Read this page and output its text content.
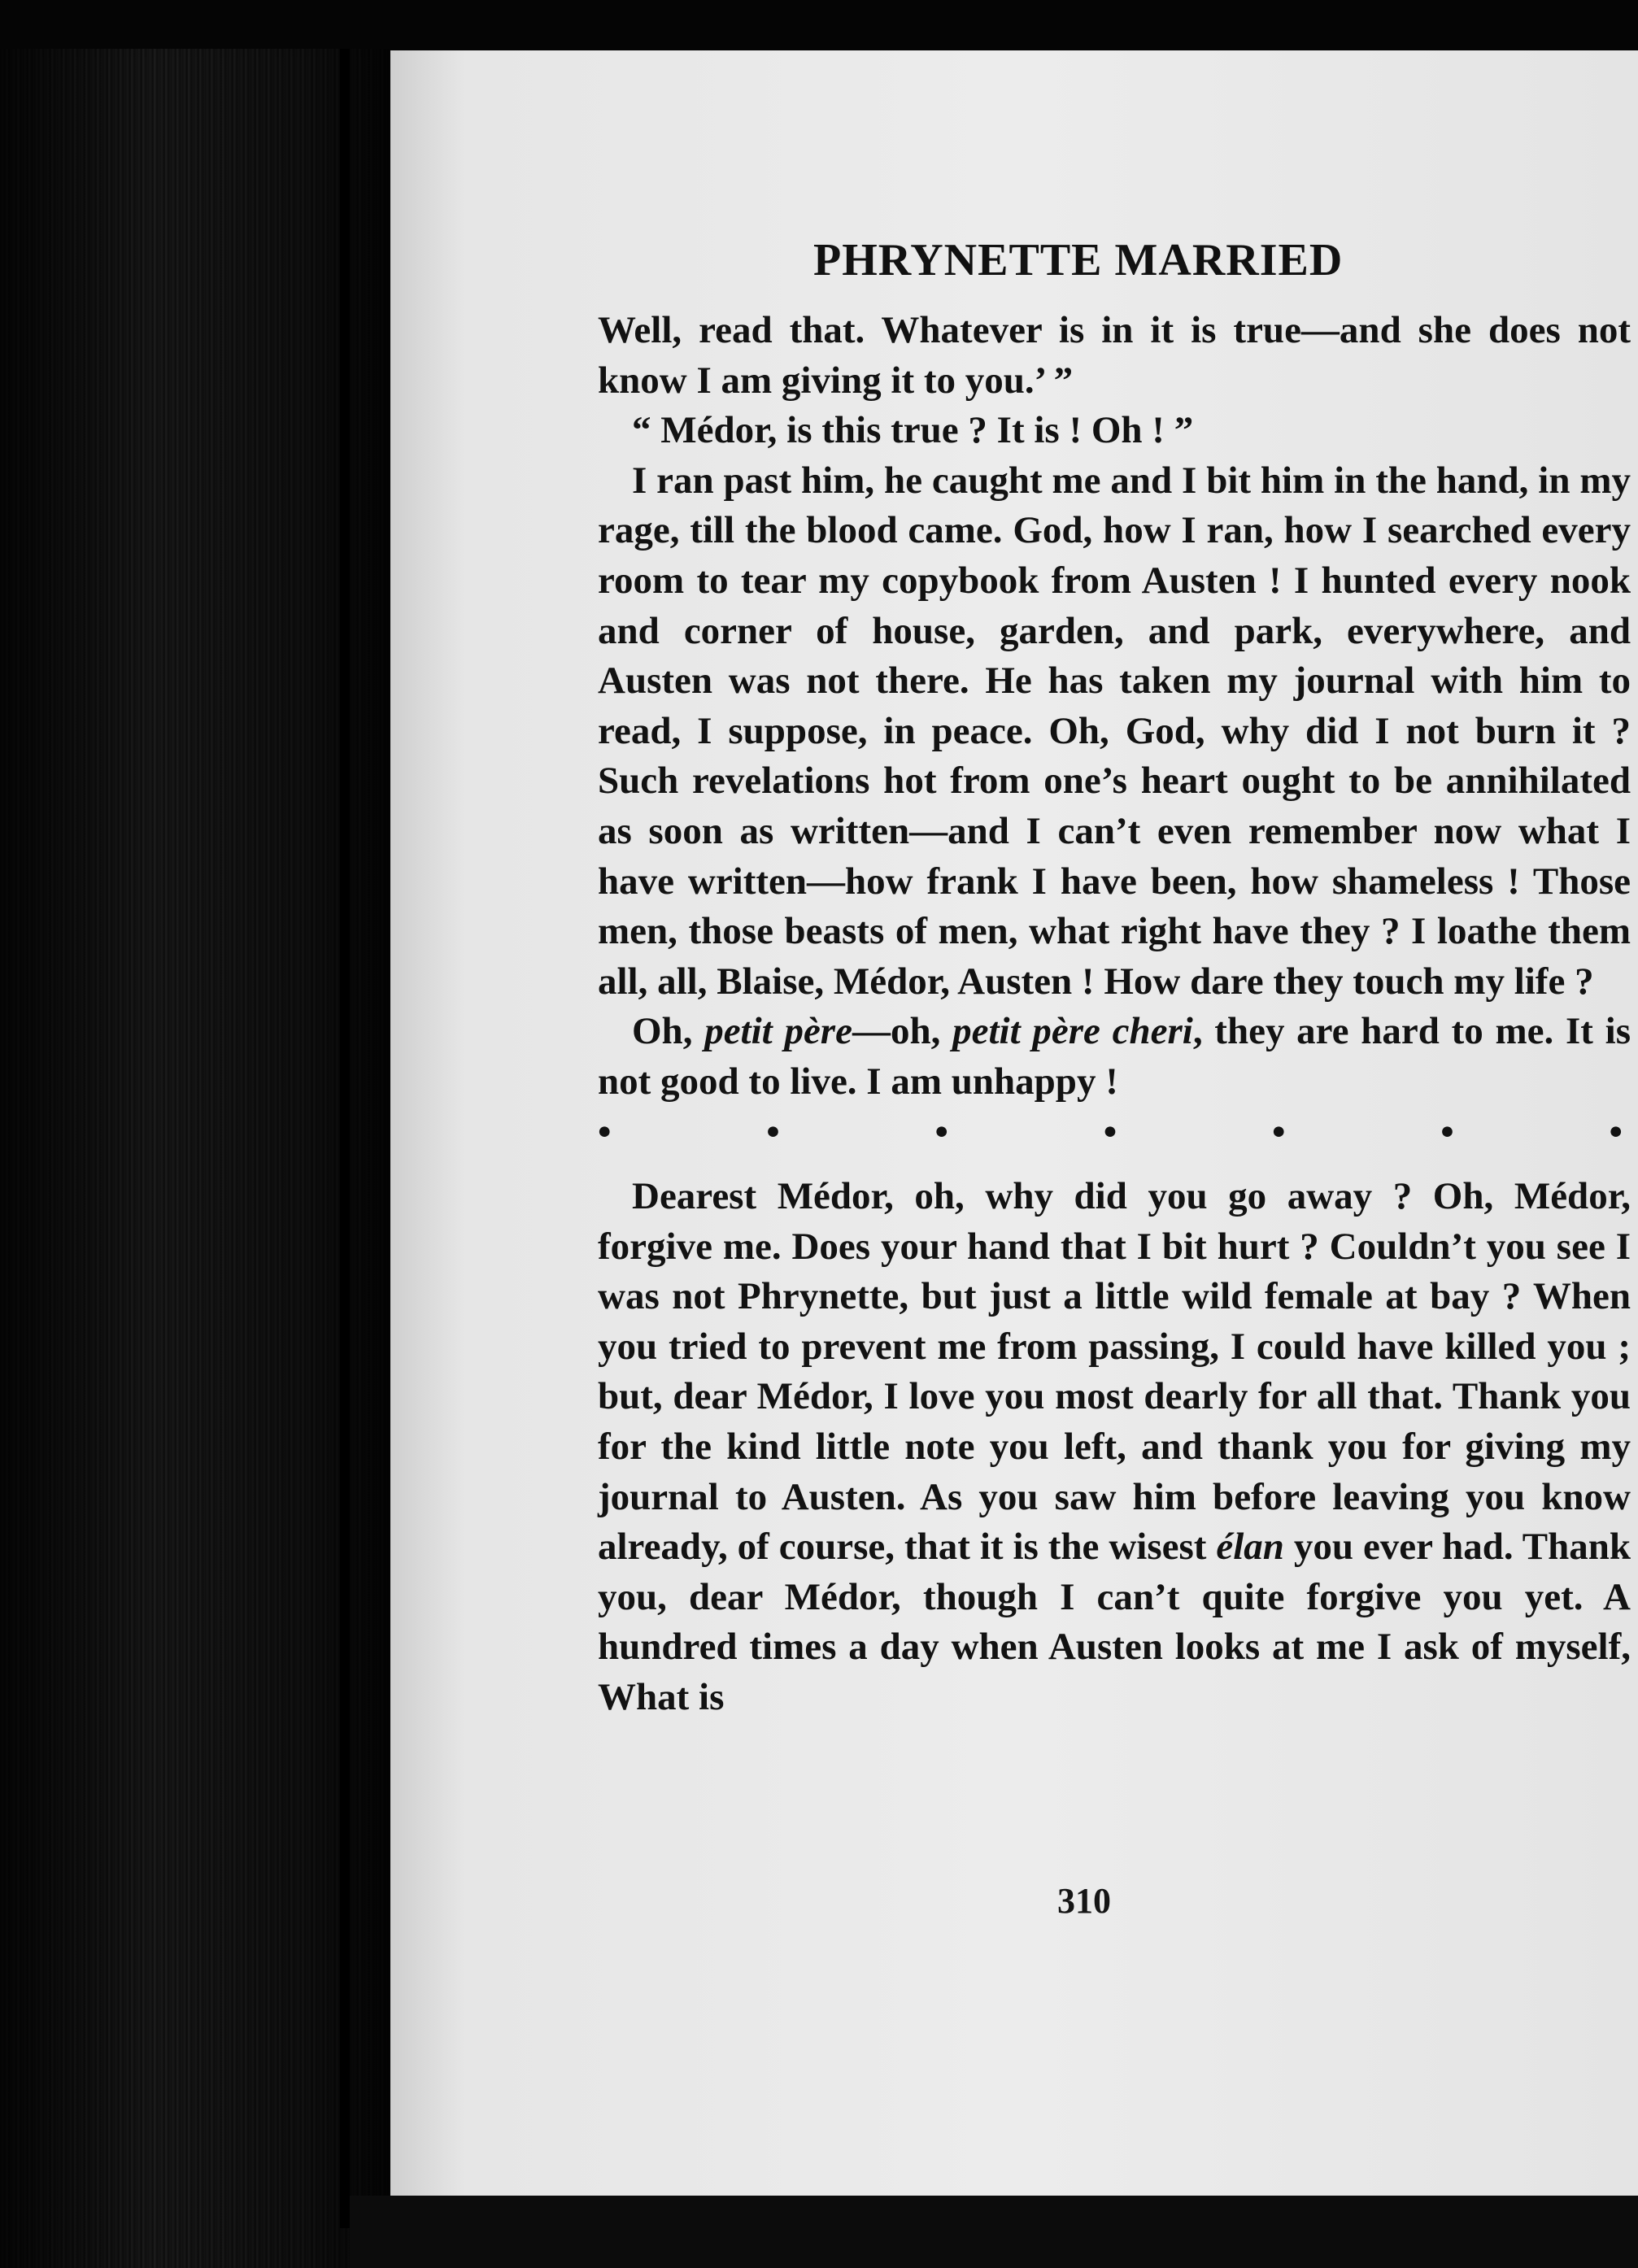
PHRYNETTE MARRIED

Well, read that. Whatever is in it is true—and she does not know I am giving it to you.’ ”

“ Médor, is this true ? It is ! Oh ! ”

I ran past him, he caught me and I bit him in the hand, in my rage, till the blood came. God, how I ran, how I searched every room to tear my copybook from Austen ! I hunted every nook and corner of house, garden, and park, everywhere, and Austen was not there. He has taken my journal with him to read, I suppose, in peace. Oh, God, why did I not burn it ? Such revelations hot from one’s heart ought to be annihilated as soon as written—and I can’t even remember now what I have written—how frank I have been, how shameless ! Those men, those beasts of men, what right have they ? I loathe them all, all, Blaise, Médor, Austen ! How dare they touch my life ?

Oh, petit père—oh, petit père cheri, they are hard to me. It is not good to live. I am unhappy !

•	•	•	•	•	•	•

Dearest Médor, oh, why did you go away ? Oh, Médor, forgive me. Does your hand that I bit hurt ? Couldn’t you see I was not Phrynette, but just a little wild female at bay ? When you tried to prevent me from passing, I could have killed you ; but, dear Médor, I love you most dearly for all that. Thank you for the kind little note you left, and thank you for giving my journal to Austen. As you saw him before leaving you know already, of course, that it is the wisest élan you ever had. Thank you, dear Médor, though I can’t quite forgive you yet. A hundred times a day when Austen looks at me I ask of myself, What is

310
